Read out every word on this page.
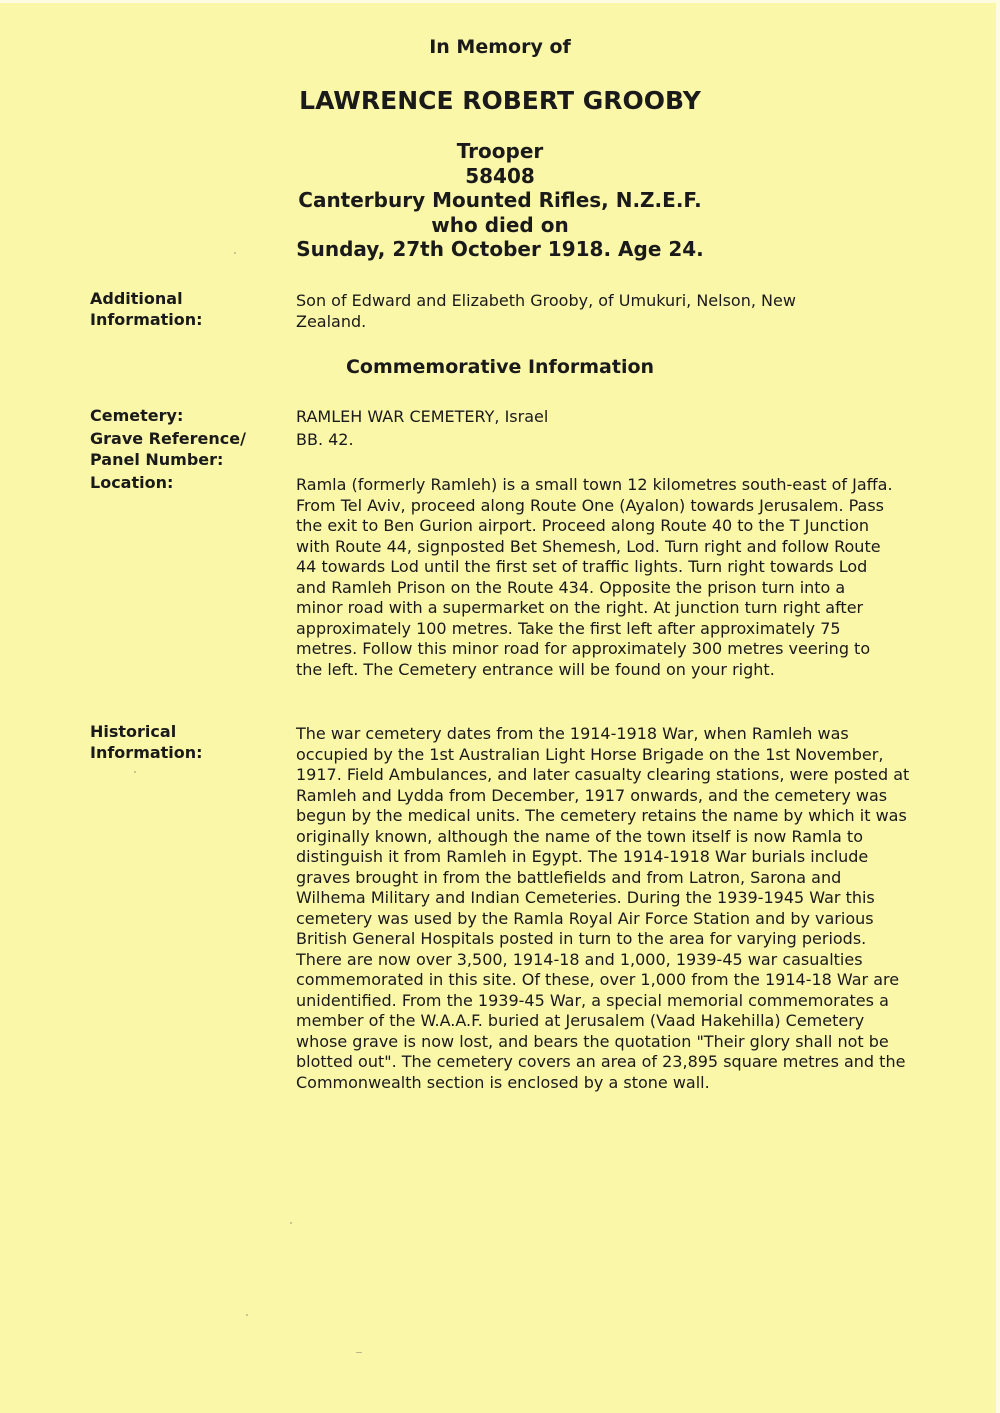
In Memory of
LAWRENCE ROBERT GROOBY
Trooper
58408
Canterbury Mounted Rifles, N.Z.E.F.
who died on
Sunday, 27th October 1918. Age 24.
Additional
Information:
Son of Edward and Elizabeth Grooby, of Umukuri, Nelson, New Zealand.
Commemorative Information
Cemetery:	RAMLEH WAR CEMETERY, Israel
Grave Reference/
Panel Number:
BB. 42.
Location:	Ramla (formerly Ramleh) is a small town 12 kilometres south-east of Jaffa. From Tel Aviv, proceed along Route One (Ayalon) towards Jerusalem. Pass the exit to Ben Gurion airport. Proceed along Route 40 to the T Junction with Route 44, signposted Bet Shemesh, Lod. Turn right and follow Route 44 towards Lod until the first set of traffic lights. Turn right towards Lod and Ramleh Prison on the Route 434. Opposite the prison turn into a minor road with a supermarket on the right. At junction turn right after approximately 100 metres. Take the first left after approximately 75 metres. Follow this minor road for approximately 300 metres veering to the left. The Cemetery entrance will be found on your right.
Historical
Information:
The war cemetery dates from the 1914-1918 War, when Ramleh was occupied by the 1st Australian Light Horse Brigade on the 1st November, 1917. Field Ambulances, and later casualty clearing stations, were posted at Ramleh and Lydda from December, 1917 onwards, and the cemetery was begun by the medical units. The cemetery retains the name by which it was originally known, although the name of the town itself is now Ramla to distinguish it from Ramleh in Egypt. The 1914-1918 War burials include graves brought in from the battlefields and from Latron, Sarona and Wilhema Military and Indian Cemeteries. During the 1939-1945 War this cemetery was used by the Ramla Royal Air Force Station and by various British General Hospitals posted in turn to the area for varying periods. There are now over 3,500, 1914-18 and 1,000, 1939-45 war casualties commemorated in this site. Of these, over 1,000 from the 1914-18 War are unidentified. From the 1939-45 War, a special memorial commemorates a member of the W.A.A.F. buried at Jerusalem (Vaad Hakehilla) Cemetery whose grave is now lost, and bears the quotation "Their glory shall not be blotted out". The cemetery covers an area of 23,895 square metres and the Commonwealth section is enclosed by a stone wall.
